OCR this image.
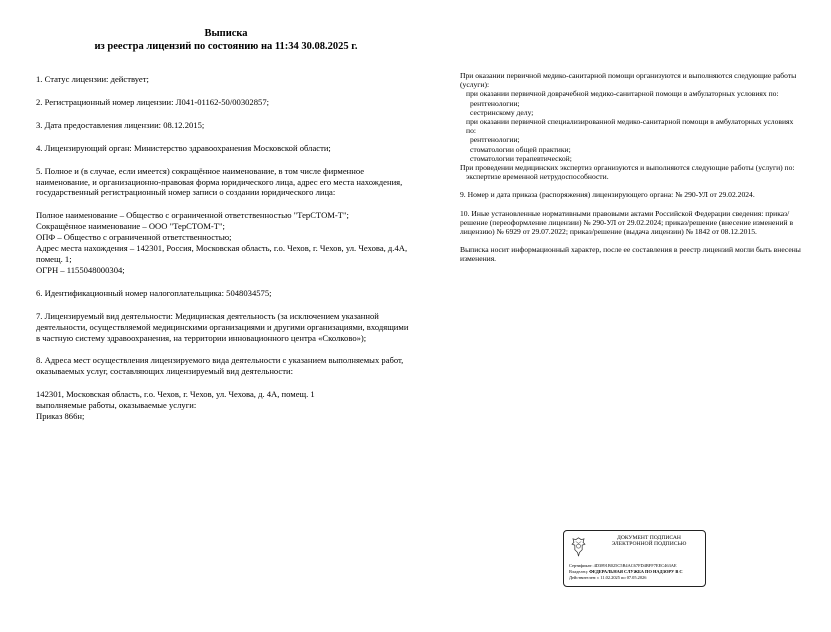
Выписка
из реестра лицензий по состоянию на 11:34 30.08.2025 г.

1. Статус лицензии: действует;

2. Регистрационный номер лицензии: Л041-01162-50/00302857;

3. Дата предоставления лицензии: 08.12.2015;

4. Лицензирующий орган: Министерство здравоохранения Московской области;

5. Полное и (в случае, если имеется) сокращённое наименование, в том числе фирменное наименование, и организационно-правовая форма юридического лица, адрес его места нахождения, государственный регистрационный номер записи о создании юридического лица:

Полное наименование – Общество с ограниченной ответственностью "ТерСТОМ-Т";

Сокращённое наименование – ООО "ТерСТОМ-Т";

ОПФ – Общество с ограниченной ответственностью;

Адрес места нахождения – 142301, Россия, Московская область, г.о. Чехов, г. Чехов, ул. Чехова, д.4А, помещ. 1;

ОГРН – 1155048000304;

6. Идентификационный номер налогоплательщика: 5048034575;

7. Лицензируемый вид деятельности: Медицинская деятельность (за исключением указанной деятельности, осуществляемой медицинскими организациями и другими организациями, входящими в частную систему здравоохранения, на территории инновационного центра «Сколково»);

8. Адреса мест осуществления лицензируемого вида деятельности с указанием выполняемых работ, оказываемых услуг, составляющих лицензируемый вид деятельности:

142301, Московская область, г.о. Чехов, г. Чехов, ул. Чехова, д. 4А, помещ. 1

выполняемые работы, оказываемые услуги:

Приказ 866н;

При оказании первичной медико-санитарной помощи организуются и выполняются следующие работы (услуги):

при оказании первичной доврачебной медико-санитарной помощи в амбулаторных условиях по:

рентгенологии;

сестринскому делу;

при оказании первичной специализированной медико-санитарной помощи в амбулаторных условиях по:

рентгенологии;

стоматологии общей практики;

стоматологии терапевтической;

При проведении медицинских экспертиз организуются и выполняются следующие работы (услуги) по:

экспертизе временной нетрудоспособности.

9. Номер и дата приказа (распоряжения) лицензирующего органа: № 290-УЛ от 29.02.2024.

10. Иные установленные нормативными правовыми актами Российской Федерации сведения: приказ/решение (переоформление лицензии) № 290-УЛ от 29.02.2024; приказ/решение (внесение изменений в лицензию) № 6929 от 29.07.2022; приказ/решение (выдача лицензии) № 1842 от 08.12.2015.

Выписка носит информационный характер, после ее составления в реестр лицензий могли быть внесены изменения.

ДОКУМЕНТ ПОДПИСАН
ЭЛЕКТРОННОЙ ПОДПИСЬЮ
Сертификат: 4D3891B025C5B4AC67FD4BFF7EEC463AE
Владелец: ФЕДЕРАЛЬНАЯ СЛУЖБА ПО НАДЗОРУ В С
Действителен: с 11.02.2025 по 07.05.2026
